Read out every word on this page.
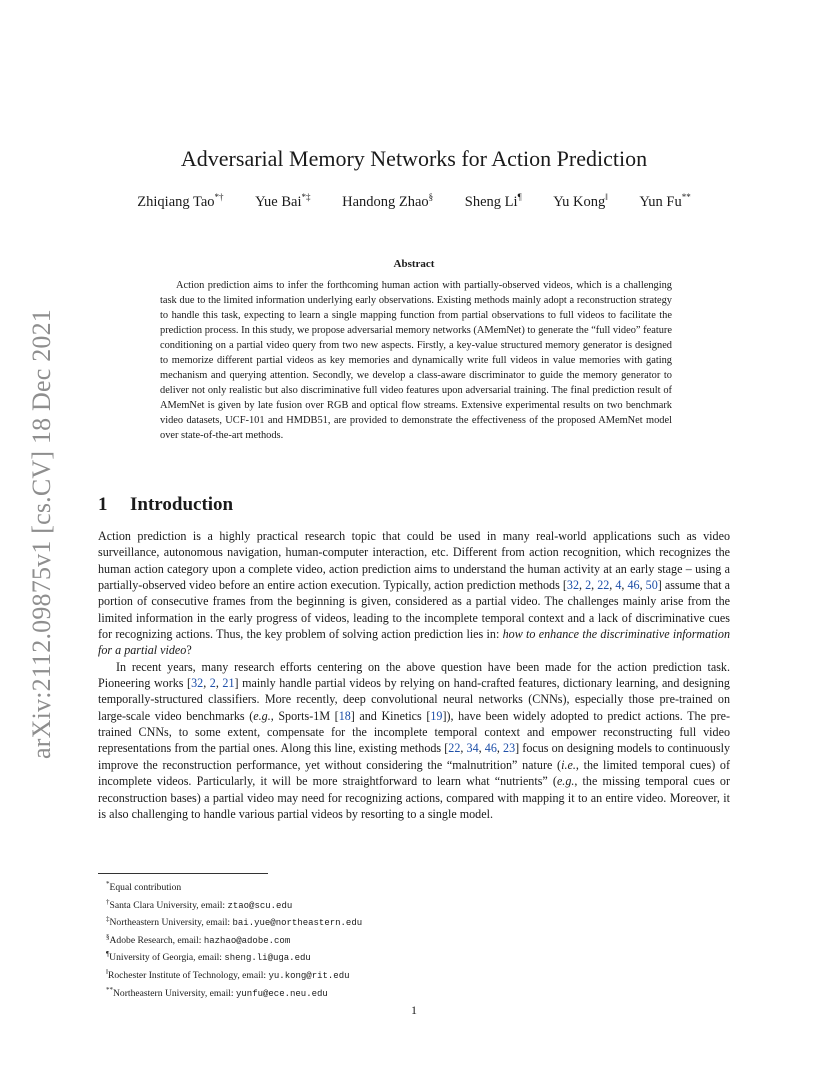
arXiv:2112.09875v1 [cs.CV] 18 Dec 2021
Adversarial Memory Networks for Action Prediction
Zhiqiang Tao*† Yue Bai*‡ Handong Zhao§ Sheng Li¶ Yu Kong‖ Yun Fu**
Abstract
Action prediction aims to infer the forthcoming human action with partially-observed videos, which is a challenging task due to the limited information underlying early observations. Existing methods mainly adopt a reconstruction strategy to handle this task, expecting to learn a single mapping function from partial observations to full videos to facilitate the prediction process. In this study, we propose adversarial memory networks (AMemNet) to generate the “full video” feature conditioning on a partial video query from two new aspects. Firstly, a key-value structured memory generator is designed to memorize different partial videos as key memories and dynamically write full videos in value memories with gating mechanism and querying attention. Secondly, we develop a class-aware discriminator to guide the memory generator to deliver not only realistic but also discriminative full video features upon adversarial training. The final prediction result of AMemNet is given by late fusion over RGB and optical flow streams. Extensive experimental results on two benchmark video datasets, UCF-101 and HMDB51, are provided to demonstrate the effectiveness of the proposed AMemNet model over state-of-the-art methods.
1 Introduction

Action prediction is a highly practical research topic that could be used in many real-world applications such as video surveillance, autonomous navigation, human-computer interaction, etc. Different from action recognition, which recognizes the human action category upon a complete video, action prediction aims to understand the human activity at an early stage – using a partially-observed video before an entire action execution. Typically, action prediction methods [32, 2, 22, 4, 46, 50] assume that a portion of consecutive frames from the beginning is given, considered as a partial video. The challenges mainly arise from the limited information in the early progress of videos, leading to the incomplete temporal context and a lack of discriminative cues for recognizing actions. Thus, the key problem of solving action prediction lies in: how to enhance the discriminative information for a partial video?

In recent years, many research efforts centering on the above question have been made for the action prediction task. Pioneering works [32, 2, 21] mainly handle partial videos by relying on hand-crafted features, dictionary learning, and designing temporally-structured classifiers. More recently, deep convolutional neural networks (CNNs), especially those pre-trained on large-scale video benchmarks (e.g., Sports-1M [18] and Kinetics [19]), have been widely adopted to predict actions. The pre-trained CNNs, to some extent, compensate for the incomplete temporal context and empower reconstructing full video representations from the partial ones. Along this line, existing methods [22, 34, 46, 23] focus on designing models to continuously improve the reconstruction performance, yet without considering the “malnutrition” nature (i.e., the limited temporal cues) of incomplete videos. Particularly, it will be more straightforward to learn what “nutrients” (e.g., the missing temporal cues or reconstruction bases) a partial video may need for recognizing actions, compared with mapping it to an entire video. Moreover, it is also challenging to handle various partial videos by resorting to a single model.

*Equal contribution
†Santa Clara University, email: ztao@scu.edu
‡Northeastern University, email: bai.yue@northeastern.edu
§Adobe Research, email: hazhao@adobe.com
¶University of Georgia, email: sheng.li@uga.edu
‖Rochester Institute of Technology, email: yu.kong@rit.edu
**Northeastern University, email: yunfu@ece.neu.edu
1
